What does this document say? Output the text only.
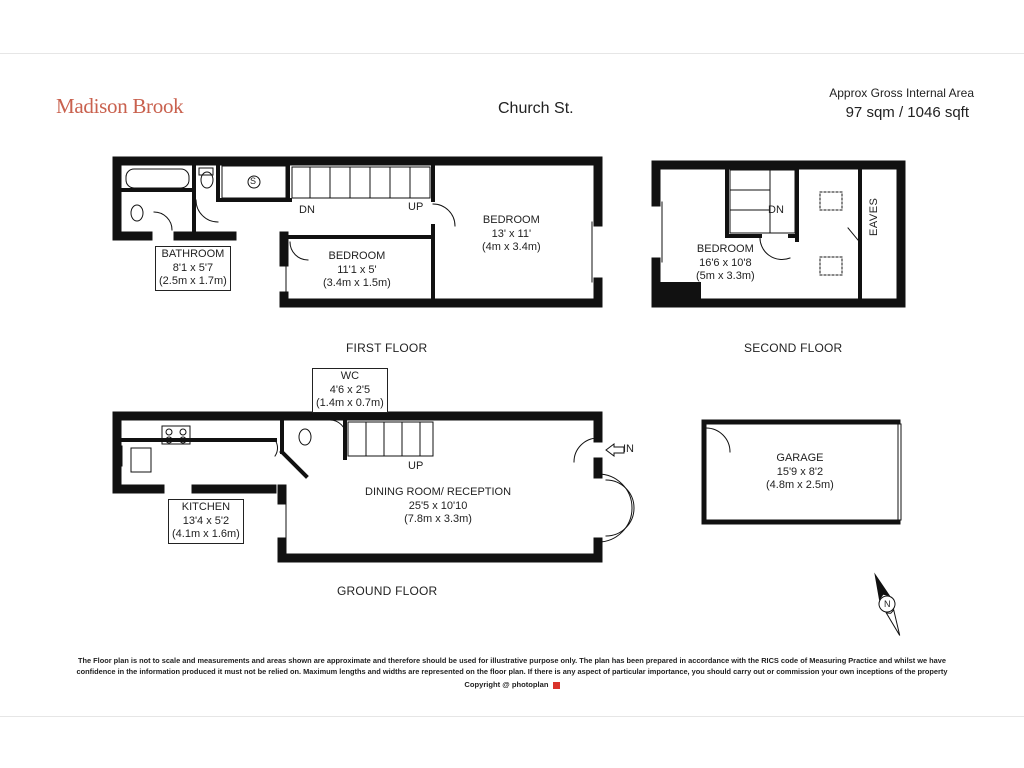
Madison Brook	Church St.
Approx Gross Internal Area
97 sqm / 1046 sqft
FIRST FLOOR	SECOND FLOOR
GROUND FLOOR
BATHROOM
8'1 x 5'7
(2.5m x 1.7m)
BEDROOM
11'1 x 5'
(3.4m x 1.5m)
BEDROOM
13' x 11'
(4m x 3.4m)	BEDROOM
16'6 x 10'8
(5m x 3.3m)
WC
4'6 x 2'5
(1.4m x 0.7m)
KITCHEN
13'4 x 5'2
(4.1m x 1.6m)
DINING ROOM/ RECEPTION
25'5 x 10'10
(7.8m x 3.3m)
GARAGE
15'9 x 8'2
(4.8m x 2.5m)
DN	UP
S
DN	EAVES
UP
IN
N
The Floor plan is not to scale and measurements and areas shown are approximate and therefore should be used for illustrative purpose only. The plan has been prepared in accordance with the RICS code of Measuring Practice and whilst we have
confidence in the information produced it must not be relied on. Maximum lengths and widths are represented on the floor plan. If there is any aspect of particular importance, you should carry out or commission your own inceptions of the property
Copyright @ photoplan
